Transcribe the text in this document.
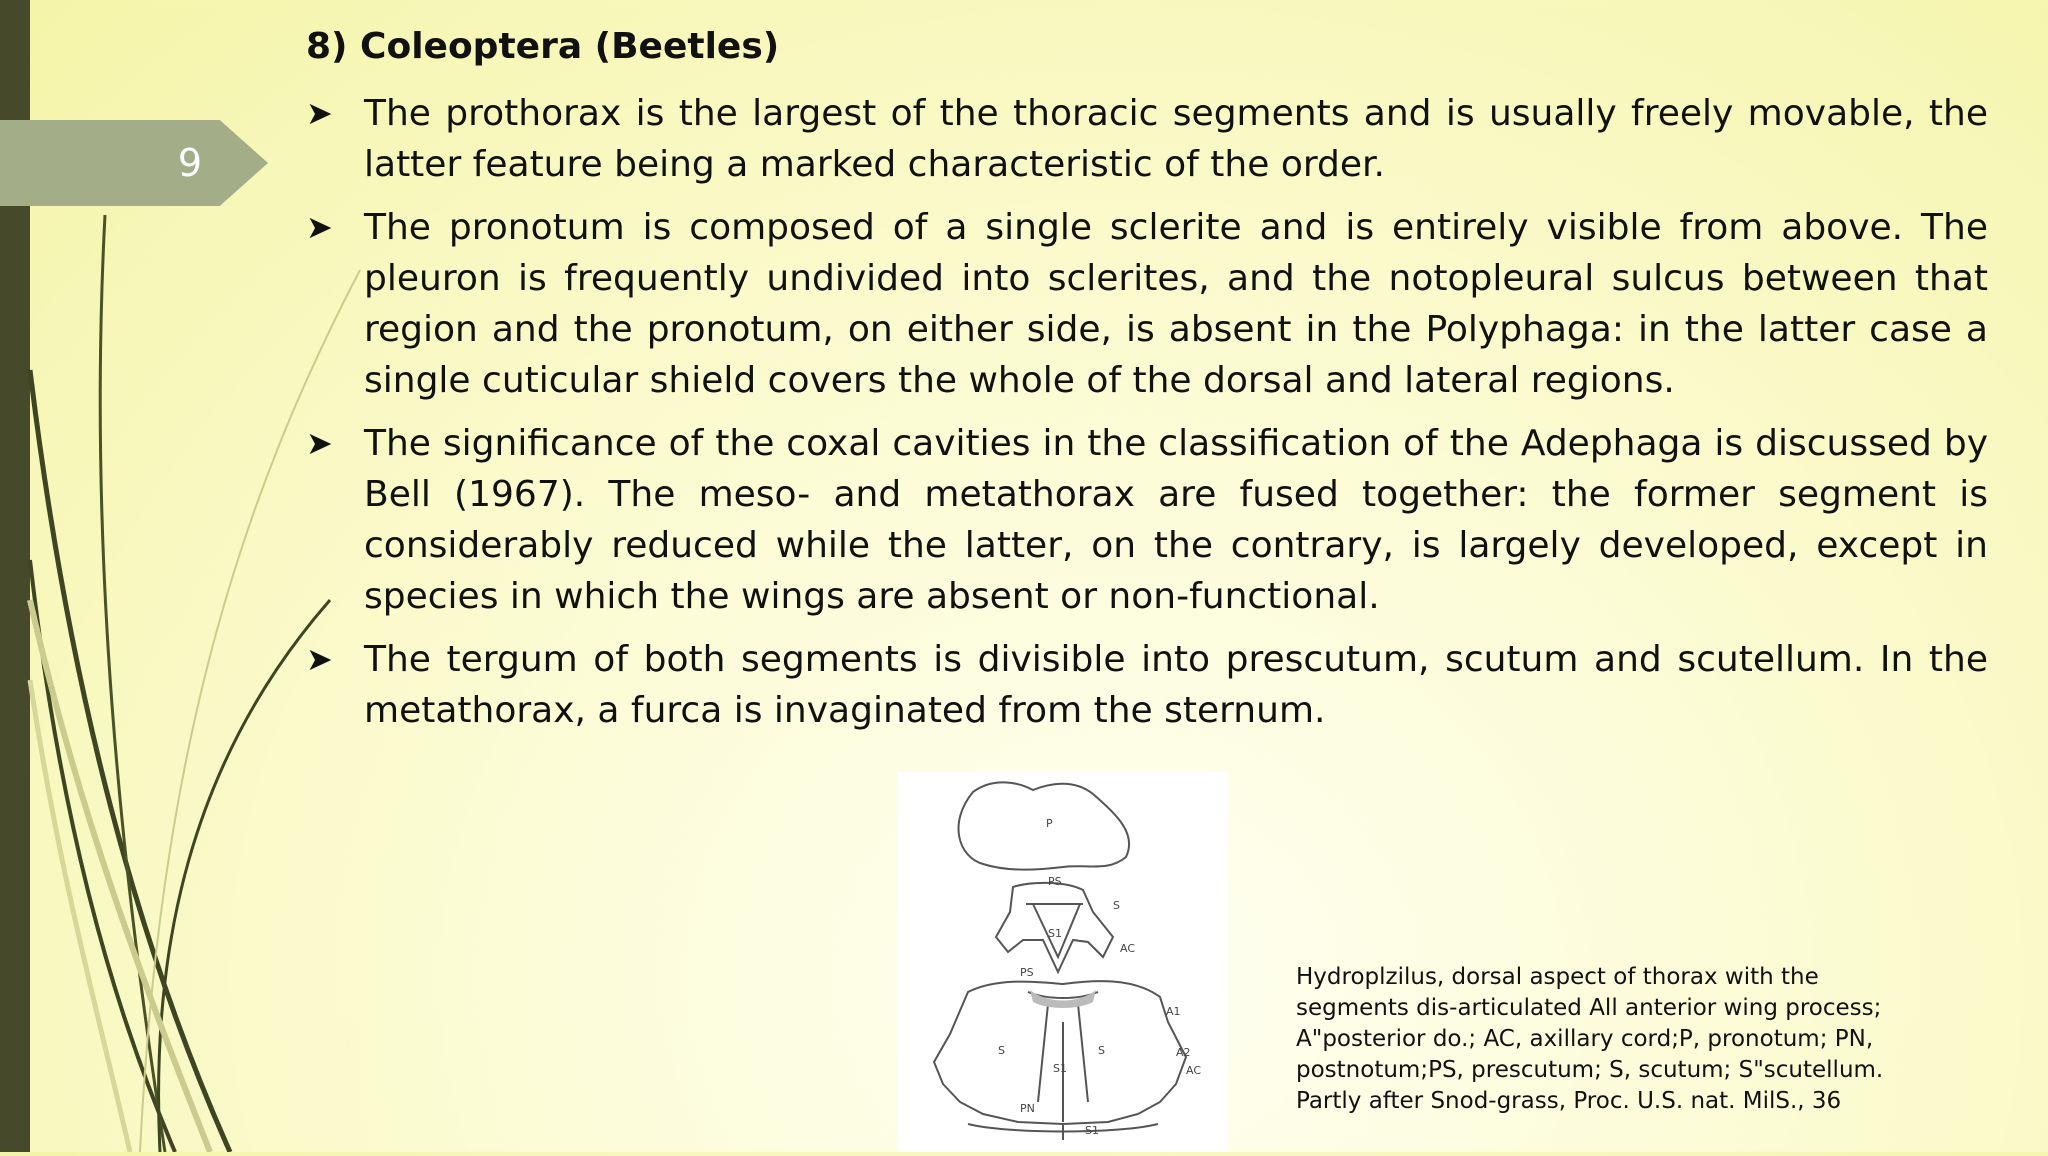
9
8) Coleoptera (Beetles)
➤ The prothorax is the largest of the thoracic segments and is usually freely movable, the latter feature being a marked characteristic of the order.
➤ The pronotum is composed of a single sclerite and is entirely visible from above. The pleuron is frequently undivided into sclerites, and the notopleural sulcus between that region and the pronotum, on either side, is absent in the Polyphaga: in the latter case a single cuticular shield covers the whole of the dorsal and lateral regions.
➤ The significance of the coxal cavities in the classification of the Adephaga is discussed by Bell (1967). The meso- and metathorax are fused together: the former segment is considerably reduced while the latter, on the contrary, is largely developed, except in species in which the wings are absent or non-functional.
➤ The tergum of both segments is divisible into prescutum, scutum and scutellum. In the metathorax, a furca is invaginated from the sternum.
P
PS
S
S1
AC
PS
A1
S	S	A2
AC
S1
PN
S1
Hydroplzilus, dorsal aspect of thorax with the segments dis-articulated All anterior wing process; A"posterior do.; AC, axillary cord;P, pronotum; PN, postnotum;PS, prescutum; S, scutum; S"scutellum. Partly after Snod-grass, Proc. U.S. nat. MilS., 36
